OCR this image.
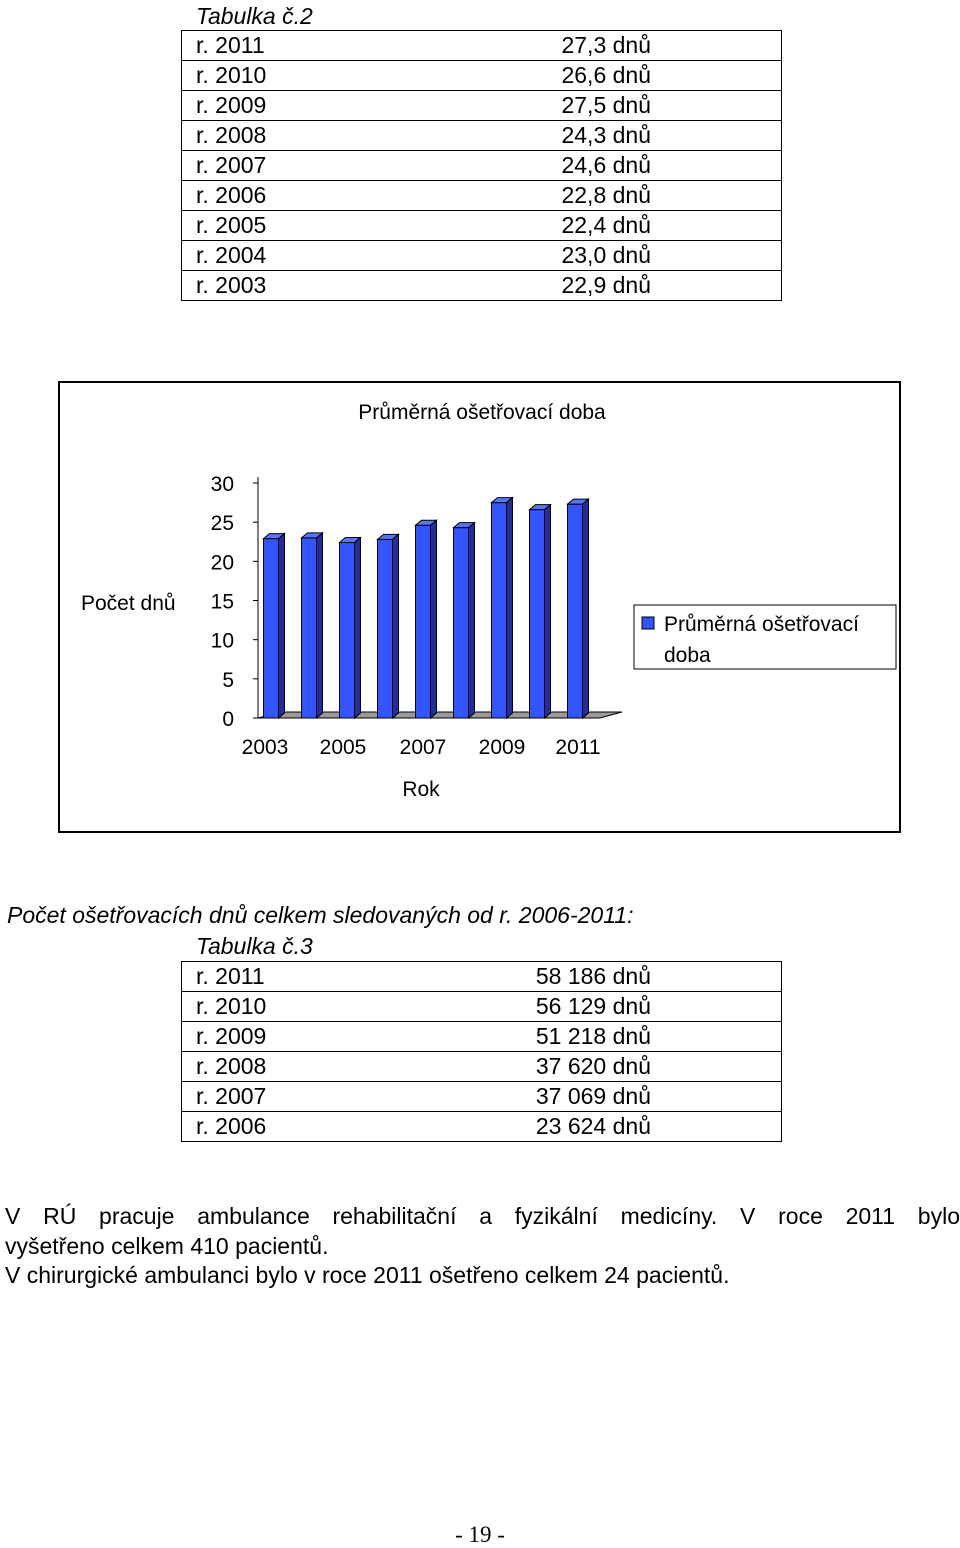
Tabulka č.2
r. 2011	27,3 dnů
r. 2010	26,6 dnů
r. 2009	27,5 dnů
r. 2008	24,3 dnů
r. 2007	24,6 dnů
r. 2006	22,8 dnů
r. 2005	22,4 dnů
r. 2004	23,0 dnů
r. 2003	22,9 dnů
Průměrná ošetřovací doba
Počet dnů
Rok
0
5
10
15
20
25
30
2003 2005 2007 2009 2011
Průměrná ošetřovací
doba
Počet ošetřovacích dnů celkem sledovaných od r. 2006-2011:
Tabulka č.3
r. 2011	58 186 dnů
r. 2010	56 129 dnů
r. 2009	51 218 dnů
r. 2008	37 620 dnů
r. 2007	37 069 dnů
r. 2006	23 624 dnů
V RÚ pracuje ambulance rehabilitační a fyzikální medicíny. V roce 2011 bylo
vyšetřeno celkem 410 pacientů.
V chirurgické ambulanci bylo v roce 2011 ošetřeno celkem 24 pacientů.
- 19 -
